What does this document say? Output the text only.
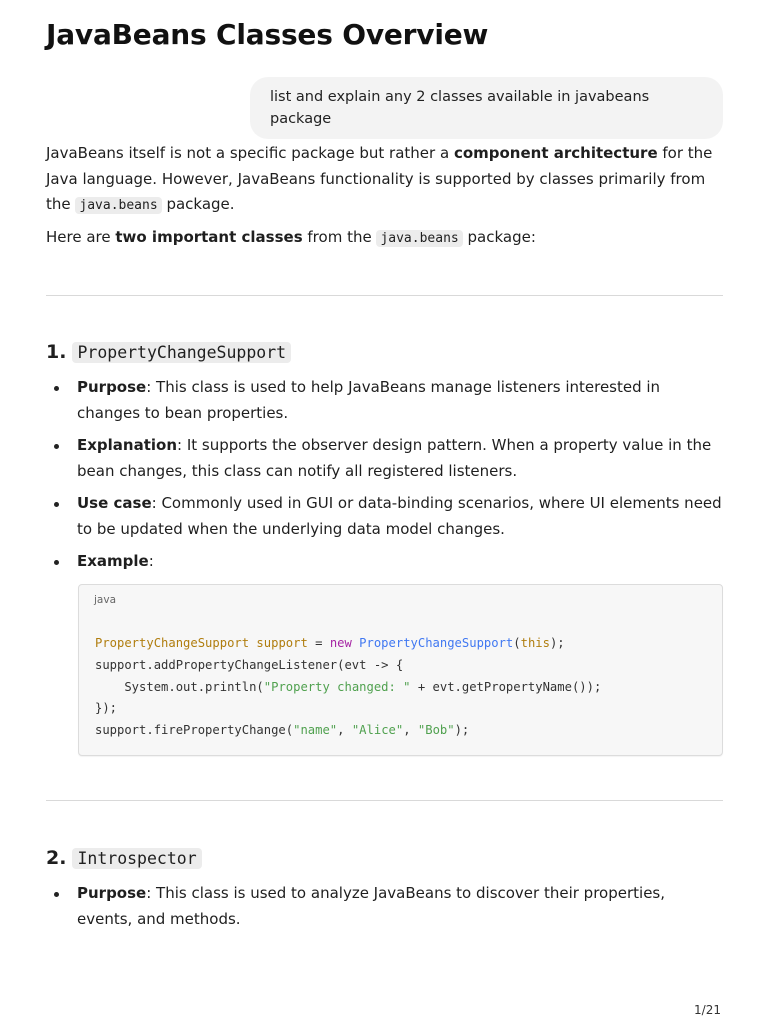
JavaBeans Classes Overview
list and explain any 2 classes available in javabeans package

JavaBeans itself is not a specific package but rather a component architecture for the Java language. However, JavaBeans functionality is supported by classes primarily from the java.beans package.

Here are two important classes from the java.beans package:

1. PropertyChangeSupport
Purpose: This class is used to help JavaBeans manage listeners interested in changes to bean properties.
Explanation: It supports the observer design pattern. When a property value in the bean changes, this class can notify all registered listeners.
Use case: Commonly used in GUI or data-binding scenarios, where UI elements need to be updated when the underlying data model changes.
Example:
java
PropertyChangeSupport support = new PropertyChangeSupport(this);
support.addPropertyChangeListener(evt -> {
System.out.println("Property changed: " + evt.getPropertyName());
});
support.firePropertyChange("name", "Alice", "Bob");
2. Introspector
Purpose: This class is used to analyze JavaBeans to discover their properties, events, and methods.
1/21
